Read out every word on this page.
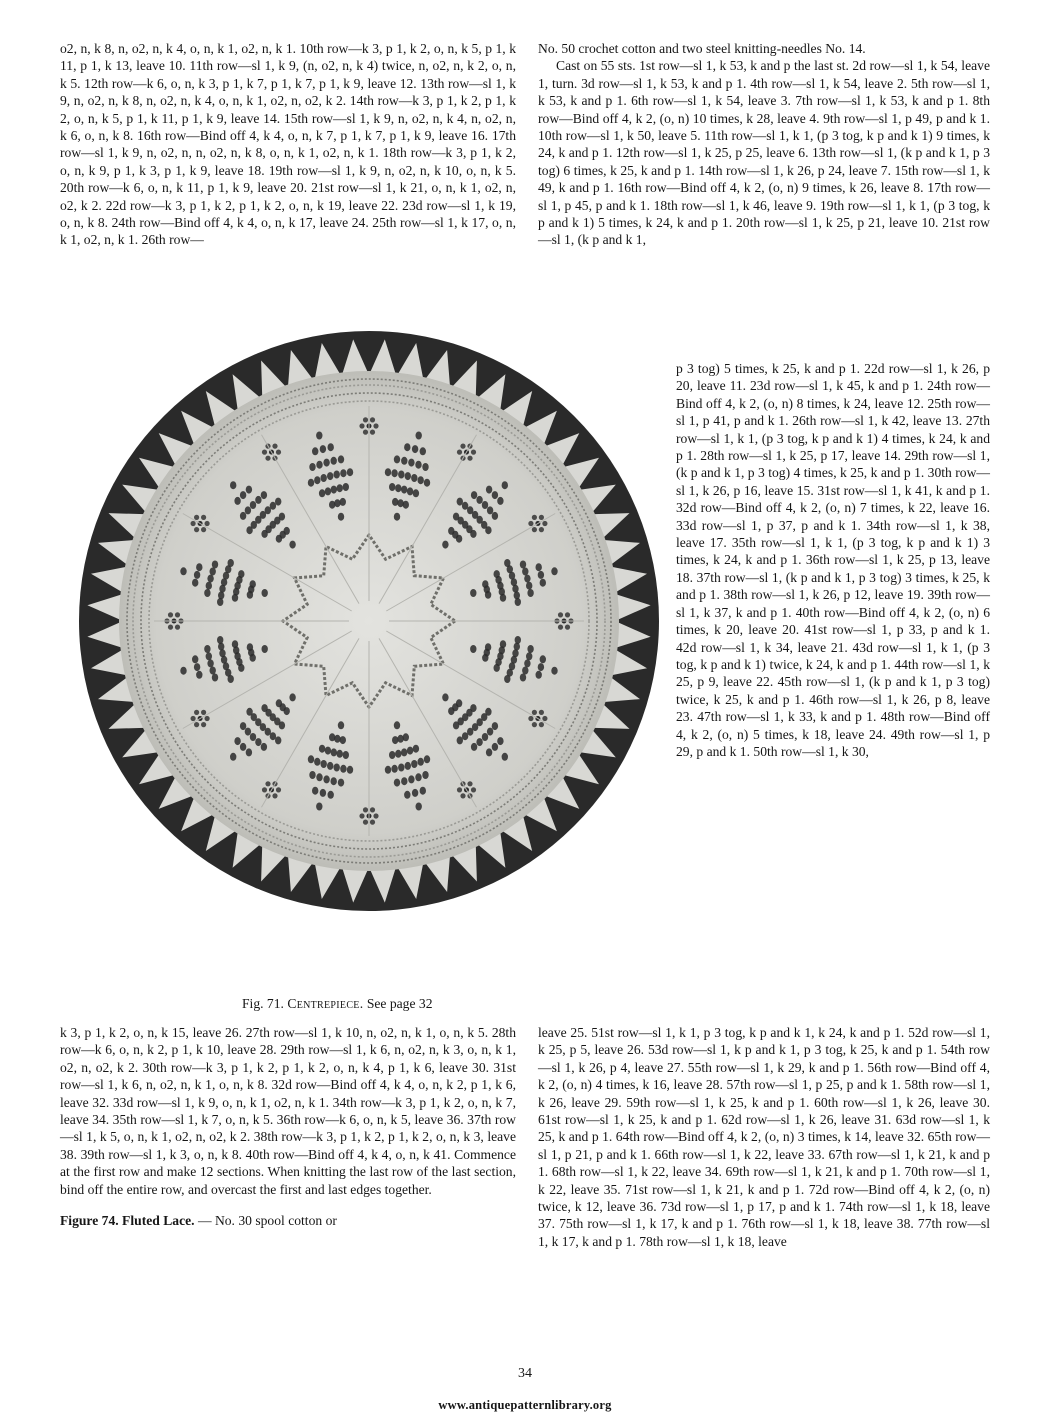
o2, n, k 8, n, o2, n, k 4, o, n, k 1, o2, n, k 1. 10th row—k 3, p 1, k 2, o, n, k 5, p 1, k 11, p 1, k 13, leave 10. 11th row—sl 1, k 9, (n, o2, n, k 4) twice, n, o2, n, k 2, o, n, k 5. 12th row—k 6, o, n, k 3, p 1, k 7, p 1, k 7, p 1, k 9, leave 12. 13th row—sl 1, k 9, n, o2, n, k 8, n, o2, n, k 4, o, n, k 1, o2, n, o2, k 2. 14th row—k 3, p 1, k 2, p 1, k 2, o, n, k 5, p 1, k 11, p 1, k 9, leave 14. 15th row—sl 1, k 9, n, o2, n, k 4, n, o2, n, k 6, o, n, k 8. 16th row—Bind off 4, k 4, o, n, k 7, p 1, k 7, p 1, k 9, leave 16. 17th row—sl 1, k 9, n, o2, n, n, o2, n, k 8, o, n, k 1, o2, n, k 1. 18th row—k 3, p 1, k 2, o, n, k 9, p 1, k 3, p 1, k 9, leave 18. 19th row—sl 1, k 9, n, o2, n, k 10, o, n, k 5. 20th row—k 6, o, n, k 11, p 1, k 9, leave 20. 21st row—sl 1, k 21, o, n, k 1, o2, n, o2, k 2. 22d row—k 3, p 1, k 2, p 1, k 2, o, n, k 19, leave 22. 23d row—sl 1, k 19, o, n, k 8. 24th row—Bind off 4, k 4, o, n, k 17, leave 24. 25th row—sl 1, k 17, o, n, k 1, o2, n, k 1. 26th row—

No. 50 crochet cotton and two steel knitting-needles No. 14.

Cast on 55 sts. 1st row—sl 1, k 53, k and p the last st. 2d row—sl 1, k 54, leave 1, turn. 3d row—sl 1, k 53, k and p 1. 4th row—sl 1, k 54, leave 2. 5th row—sl 1, k 53, k and p 1. 6th row—sl 1, k 54, leave 3. 7th row—sl 1, k 53, k and p 1. 8th row—Bind off 4, k 2, (o, n) 10 times, k 28, leave 4. 9th row—sl 1, p 49, p and k 1. 10th row—sl 1, k 50, leave 5. 11th row—sl 1, k 1, (p 3 tog, k p and k 1) 9 times, k 24, k and p 1. 12th row—sl 1, k 25, p 25, leave 6. 13th row—sl 1, (k p and k 1, p 3 tog) 6 times, k 25, k and p 1. 14th row—sl 1, k 26, p 24, leave 7. 15th row—sl 1, k 49, k and p 1. 16th row—Bind off 4, k 2, (o, n) 9 times, k 26, leave 8. 17th row—sl 1, p 45, p and k 1. 18th row—sl 1, k 46, leave 9. 19th row—sl 1, k 1, (p 3 tog, k p and k 1) 5 times, k 24, k and p 1. 20th row—sl 1, k 25, p 21, leave 10. 21st row—sl 1, (k p and k 1,

p 3 tog) 5 times, k 25, k and p 1. 22d row—sl 1, k 26, p 20, leave 11. 23d row—sl 1, k 45, k and p 1. 24th row—Bind off 4, k 2, (o, n) 8 times, k 24, leave 12. 25th row—sl 1, p 41, p and k 1. 26th row—sl 1, k 42, leave 13. 27th row—sl 1, k 1, (p 3 tog, k p and k 1) 4 times, k 24, k and p 1. 28th row—sl 1, k 25, p 17, leave 14. 29th row—sl 1, (k p and k 1, p 3 tog) 4 times, k 25, k and p 1. 30th row—sl 1, k 26, p 16, leave 15. 31st row—sl 1, k 41, k and p 1. 32d row—Bind off 4, k 2, (o, n) 7 times, k 22, leave 16. 33d row—sl 1, p 37, p and k 1. 34th row—sl 1, k 38, leave 17. 35th row—sl 1, k 1, (p 3 tog, k p and k 1) 3 times, k 24, k and p 1. 36th row—sl 1, k 25, p 13, leave 18. 37th row—sl 1, (k p and k 1, p 3 tog) 3 times, k 25, k and p 1. 38th row—sl 1, k 26, p 12, leave 19. 39th row—sl 1, k 37, k and p 1. 40th row—Bind off 4, k 2, (o, n) 6 times, k 20, leave 20. 41st row—sl 1, p 33, p and k 1. 42d row—sl 1, k 34, leave 21. 43d row—sl 1, k 1, (p 3 tog, k p and k 1) twice, k 24, k and p 1. 44th row—sl 1, k 25, p 9, leave 22. 45th row—sl 1, (k p and k 1, p 3 tog) twice, k 25, k and p 1. 46th row—sl 1, k 26, p 8, leave 23. 47th row—sl 1, k 33, k and p 1. 48th row—Bind off 4, k 2, (o, n) 5 times, k 18, leave 24. 49th row—sl 1, p 29, p and k 1. 50th row—sl 1, k 30,

Fig. 71. Centrepiece. See page 32

k 3, p 1, k 2, o, n, k 15, leave 26. 27th row—sl 1, k 10, n, o2, n, k 1, o, n, k 5. 28th row—k 6, o, n, k 2, p 1, k 10, leave 28. 29th row—sl 1, k 6, n, o2, n, k 3, o, n, k 1, o2, n, o2, k 2. 30th row—k 3, p 1, k 2, p 1, k 2, o, n, k 4, p 1, k 6, leave 30. 31st row—sl 1, k 6, n, o2, n, k 1, o, n, k 8. 32d row—Bind off 4, k 4, o, n, k 2, p 1, k 6, leave 32. 33d row—sl 1, k 9, o, n, k 1, o2, n, k 1. 34th row—k 3, p 1, k 2, o, n, k 7, leave 34. 35th row—sl 1, k 7, o, n, k 5. 36th row—k 6, o, n, k 5, leave 36. 37th row—sl 1, k 5, o, n, k 1, o2, n, o2, k 2. 38th row—k 3, p 1, k 2, p 1, k 2, o, n, k 3, leave 38. 39th row—sl 1, k 3, o, n, k 8. 40th row—Bind off 4, k 4, o, n, k 41. Commence at the first row and make 12 sections. When knitting the last row of the last section, bind off the entire row, and overcast the first and last edges together.

Figure 74. Fluted Lace. — No. 30 spool cotton or

leave 25. 51st row—sl 1, k 1, p 3 tog, k p and k 1, k 24, k and p 1. 52d row—sl 1, k 25, p 5, leave 26. 53d row—sl 1, k p and k 1, p 3 tog, k 25, k and p 1. 54th row—sl 1, k 26, p 4, leave 27. 55th row—sl 1, k 29, k and p 1. 56th row—Bind off 4, k 2, (o, n) 4 times, k 16, leave 28. 57th row—sl 1, p 25, p and k 1. 58th row—sl 1, k 26, leave 29. 59th row—sl 1, k 25, k and p 1. 60th row—sl 1, k 26, leave 30. 61st row—sl 1, k 25, k and p 1. 62d row—sl 1, k 26, leave 31. 63d row—sl 1, k 25, k and p 1. 64th row—Bind off 4, k 2, (o, n) 3 times, k 14, leave 32. 65th row—sl 1, p 21, p and k 1. 66th row—sl 1, k 22, leave 33. 67th row—sl 1, k 21, k and p 1. 68th row—sl 1, k 22, leave 34. 69th row—sl 1, k 21, k and p 1. 70th row—sl 1, k 22, leave 35. 71st row—sl 1, k 21, k and p 1. 72d row—Bind off 4, k 2, (o, n) twice, k 12, leave 36. 73d row—sl 1, p 17, p and k 1. 74th row—sl 1, k 18, leave 37. 75th row—sl 1, k 17, k and p 1. 76th row—sl 1, k 18, leave 38. 77th row—sl 1, k 17, k and p 1. 78th row—sl 1, k 18, leave

34
www.antiquepatternlibrary.org
